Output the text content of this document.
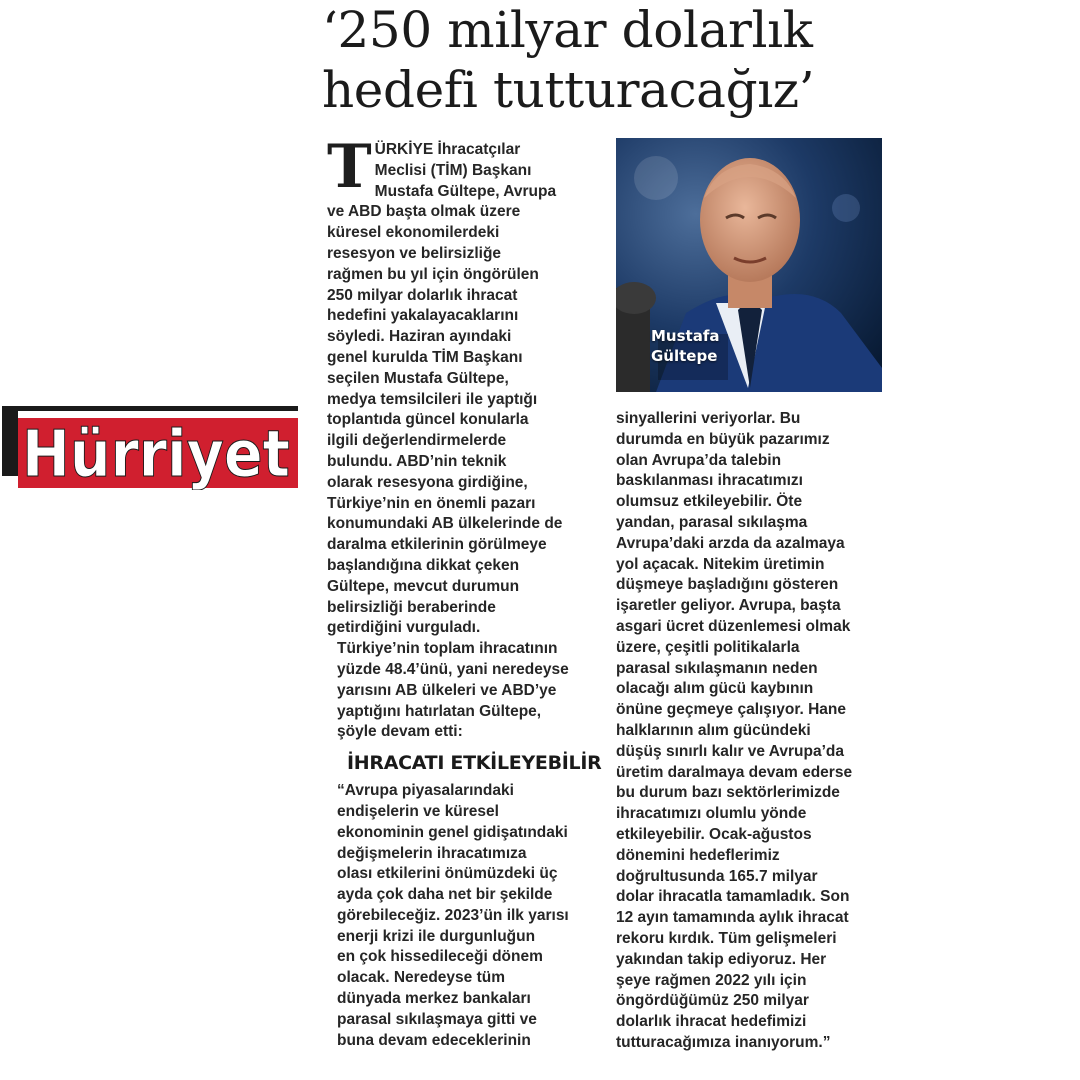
‘250 milyar dolarlık
hedefi tutturacağız’
Hürriyet
T ÜRKİYE İhracatçılar
Meclisi (TİM) Başkanı
Mustafa Gültepe, Avrupa
ve ABD başta olmak üzere
küresel ekonomilerdeki
resesyon ve belirsizliğe
rağmen bu yıl için öngörülen
250 milyar dolarlık ihracat
hedefini yakalayacaklarını
söyledi. Haziran ayındaki
genel kurulda TİM Başkanı
seçilen Mustafa Gültepe,
medya temsilcileri ile yaptığı
toplantıda güncel konularla
ilgili değerlendirmelerde
bulundu. ABD’nin teknik
olarak resesyona girdiğine,
Türkiye’nin en önemli pazarı
konumundaki AB ülkelerinde de
daralma etkilerinin görülmeye
başlandığına dikkat çeken
Gültepe, mevcut durumun
belirsizliği beraberinde
getirdiğini vurguladı.

Türkiye’nin toplam ihracatının
yüzde 48.4’ünü, yani neredeyse
yarısını AB ülkeleri ve ABD’ye
yaptığını hatırlatan Gültepe,
şöyle devam etti:

İHRACATI ETKİLEYEBİLİR

“Avrupa piyasalarındaki
endişelerin ve küresel
ekonominin genel gidişatındaki
değişmelerin ihracatımıza
olası etkilerini önümüzdeki üç
ayda çok daha net bir şekilde
görebileceğiz. 2023’ün ilk yarısı
enerji krizi ile durgunluğun
en çok hissedileceği dönem
olacak. Neredeyse tüm
dünyada merkez bankaları
parasal sıkılaşmaya gitti ve
buna devam edeceklerinin

Mustafa
Gültepe

sinyallerini veriyorlar. Bu
durumda en büyük pazarımız
olan Avrupa’da talebin
baskılanması ihracatımızı
olumsuz etkileyebilir. Öte
yandan, parasal sıkılaşma
Avrupa’daki arzda da azalmaya
yol açacak. Nitekim üretimin
düşmeye başladığını gösteren
işaretler geliyor. Avrupa, başta
asgari ücret düzenlemesi olmak
üzere, çeşitli politikalarla
parasal sıkılaşmanın neden
olacağı alım gücü kaybının
önüne geçmeye çalışıyor. Hane
halklarının alım gücündeki
düşüş sınırlı kalır ve Avrupa’da
üretim daralmaya devam ederse
bu durum bazı sektörlerimizde
ihracatımızı olumlu yönde
etkileyebilir. Ocak-ağustos
dönemini hedeflerimiz
doğrultusunda 165.7 milyar
dolar ihracatla tamamladık. Son
12 ayın tamamında aylık ihracat
rekoru kırdık. Tüm gelişmeleri
yakından takip ediyoruz. Her
şeye rağmen 2022 yılı için
öngördüğümüz 250 milyar
dolarlık ihracat hedefimizi
tutturacağımıza inanıyorum.”
